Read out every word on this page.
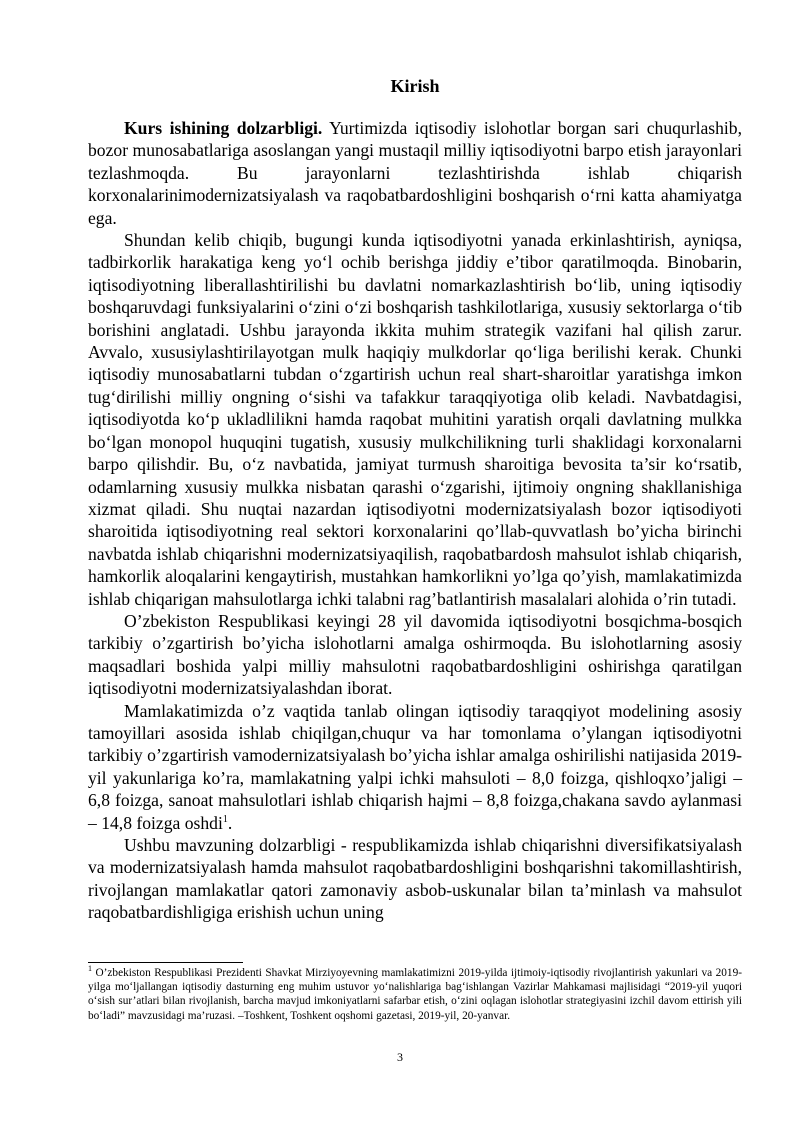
Kirish

Kurs ishining dolzarbligi. Yurtimizda iqtisodiy islohotlar borgan sari chuqurlashib, bozor munosabatlariga asoslangan yangi mustaqil milliy iqtisodiyotni barpo etish jarayonlari tezlashmoqda. Bu jarayonlarni tezlashtirishda ishlab chiqarish korxonalarinimodernizatsiyalash va raqobatbardoshligini boshqarish o‘rni katta ahamiyatga ega.

Shundan kelib chiqib, bugungi kunda iqtisodiyotni yanada erkinlashtirish, ayniqsa, tadbirkorlik harakatiga keng yo‘l ochib berishga jiddiy e’tibor qaratilmoqda. Binobarin, iqtisodiyotning liberallashtirilishi bu davlatni nomarkazlashtirish bo‘lib, uning iqtisodiy boshqaruvdagi funksiyalarini o‘zini o‘zi boshqarish tashkilotlariga, xususiy sektorlarga o‘tib borishini anglatadi. Ushbu jarayonda ikkita muhim strategik vazifani hal qilish zarur. Avvalo, xususiylashtirilayotgan mulk haqiqiy mulkdorlar qo‘liga berilishi kerak. Chunki iqtisodiy munosabatlarni tubdan o‘zgartirish uchun real shart-sharoitlar yaratishga imkon tug‘dirilishi milliy ongning o‘sishi va tafakkur taraqqiyotiga olib keladi. Navbatdagisi, iqtisodiyotda ko‘p ukladlilikni hamda raqobat muhitini yaratish orqali davlatning mulkka bo‘lgan monopol huquqini tugatish, xususiy mulkchilikning turli shaklidagi korxonalarni barpo qilishdir. Bu, o‘z navbatida, jamiyat turmush sharoitiga bevosita ta’sir ko‘rsatib, odamlarning xususiy mulkka nisbatan qarashi o‘zgarishi, ijtimoiy ongning shakllanishiga xizmat qiladi. Shu nuqtai nazardan iqtisodiyotni modernizatsiyalash bozor iqtisodiyoti sharoitida iqtisodiyotning real sektori korxonalarini qo’llab-quvvatlash bo’yicha birinchi navbatda ishlab chiqarishni modernizatsiyaqilish, raqobatbardosh mahsulot ishlab chiqarish, hamkorlik aloqalarini kengaytirish, mustahkan hamkorlikni yo’lga qo’yish, mamlakatimizda ishlab chiqarigan mahsulotlarga ichki talabni rag’batlantirish masalalari alohida o’rin tutadi.

O’zbekiston Respublikasi keyingi 28 yil davomida iqtisodiyotni bosqichma-bosqich tarkibiy o’zgartirish bo’yicha islohotlarni amalga oshirmoqda. Bu islohotlarning asosiy maqsadlari boshida yalpi milliy mahsulotni raqobatbardoshligini oshirishga qaratilgan iqtisodiyotni modernizatsiyalashdan iborat.

Mamlakatimizda o’z vaqtida tanlab olingan iqtisodiy taraqqiyot modelining asosiy tamoyillari asosida ishlab chiqilgan,chuqur va har tomonlama o’ylangan iqtisodiyotni tarkibiy o’zgartirish vamodernizatsiyalash bo’yicha ishlar amalga oshirilishi natijasida 2019-yil yakunlariga ko’ra, mamlakatning yalpi ichki mahsuloti – 8,0 foizga, qishloqxo’jaligi – 6,8 foizga, sanoat mahsulotlari ishlab chiqarish hajmi – 8,8 foizga,chakana savdo aylanmasi – 14,8 foizga oshdi$^1$.

Ushbu mavzuning dolzarbligi - respublikamizda ishlab chiqarishni diversifikatsiyalash va modernizatsiyalash hamda mahsulot raqobatbardoshligini boshqarishni takomillashtirish, rivojlangan mamlakatlar qatori zamonaviy asbob-uskunalar bilan ta’minlash va mahsulot raqobatbardishligiga erishish uchun uning

$^1$ O’zbekiston Respublikasi Prezidenti Shavkat Mirziyoyevning mamlakatimizni 2019-yilda ijtimoiy-iqtisodiy rivojlantirish yakunlari va 2019-yilga mo‘ljallangan iqtisodiy dasturning eng muhim ustuvor yo‘nalishlariga bag‘ishlangan Vazirlar Mahkamasi majlisidagi “2019-yil yuqori o‘sish sur’atlari bilan rivojlanish, barcha mavjud imkoniyatlarni safarbar etish, o‘zini oqlagan islohotlar strategiyasini izchil davom ettirish yili bo‘ladi” mavzusidagi ma’ruzasi. –Toshkent, Toshkent oqshomi gazetasi, 2019-yil, 20-yanvar.
3
